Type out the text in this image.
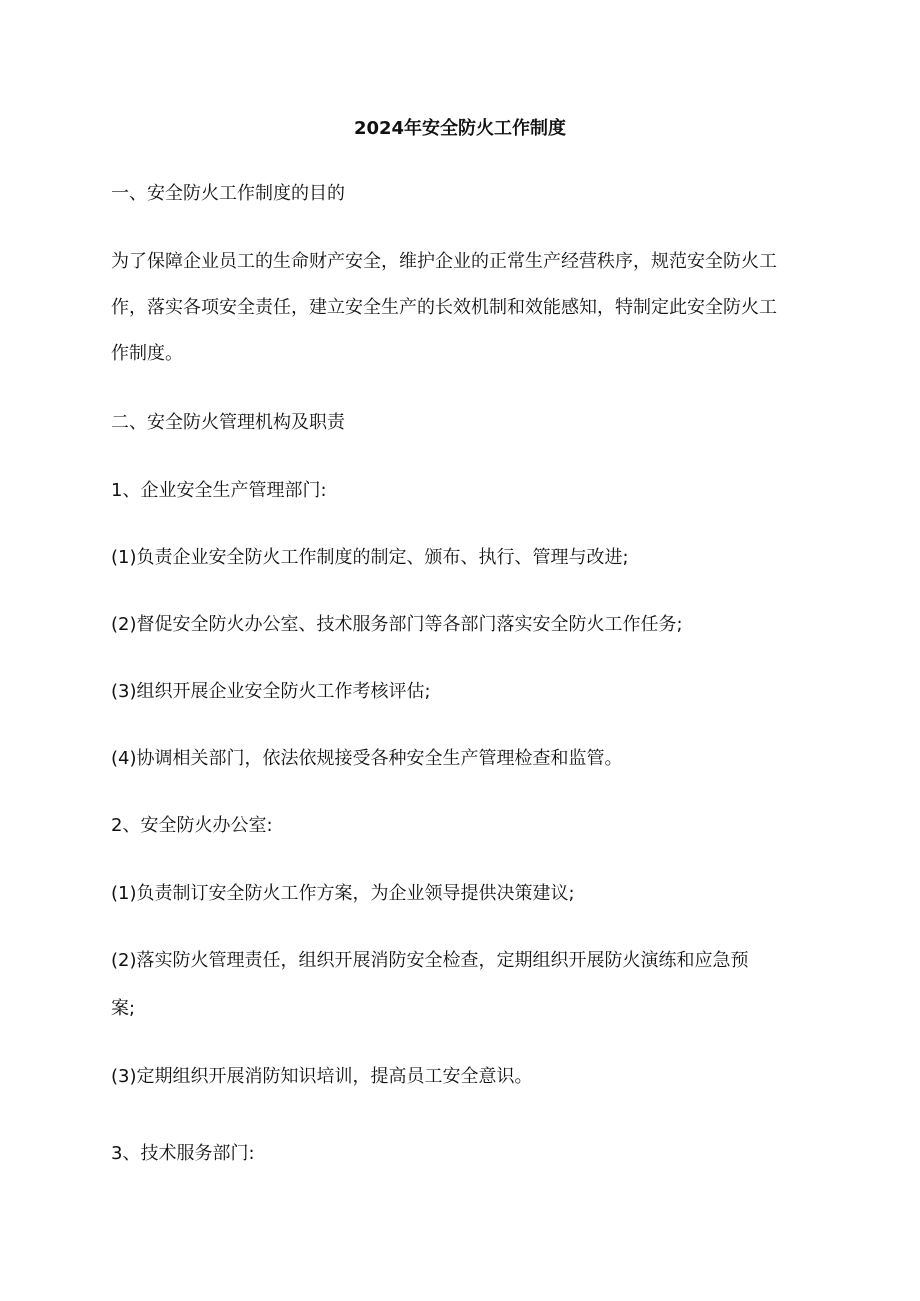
2024年安全防火工作制度
一、安全防火工作制度的目的
为了保障企业员工的生命财产安全，维护企业的正常生产经营秩序，规范安全防火工
作，落实各项安全责任，建立安全生产的长效机制和效能感知，特制定此安全防火工
作制度。
二、安全防火管理机构及职责
1、企业安全生产管理部门:
(1)负责企业安全防火工作制度的制定、颁布、执行、管理与改进;
(2)督促安全防火办公室、技术服务部门等各部门落实安全防火工作任务;
(3)组织开展企业安全防火工作考核评估;
(4)协调相关部门，依法依规接受各种安全生产管理检查和监管。
2、安全防火办公室:
(1)负责制订安全防火工作方案，为企业领导提供决策建议;
(2)落实防火管理责任，组织开展消防安全检查，定期组织开展防火演练和应急预
案;
(3)定期组织开展消防知识培训，提高员工安全意识。
3、技术服务部门:
